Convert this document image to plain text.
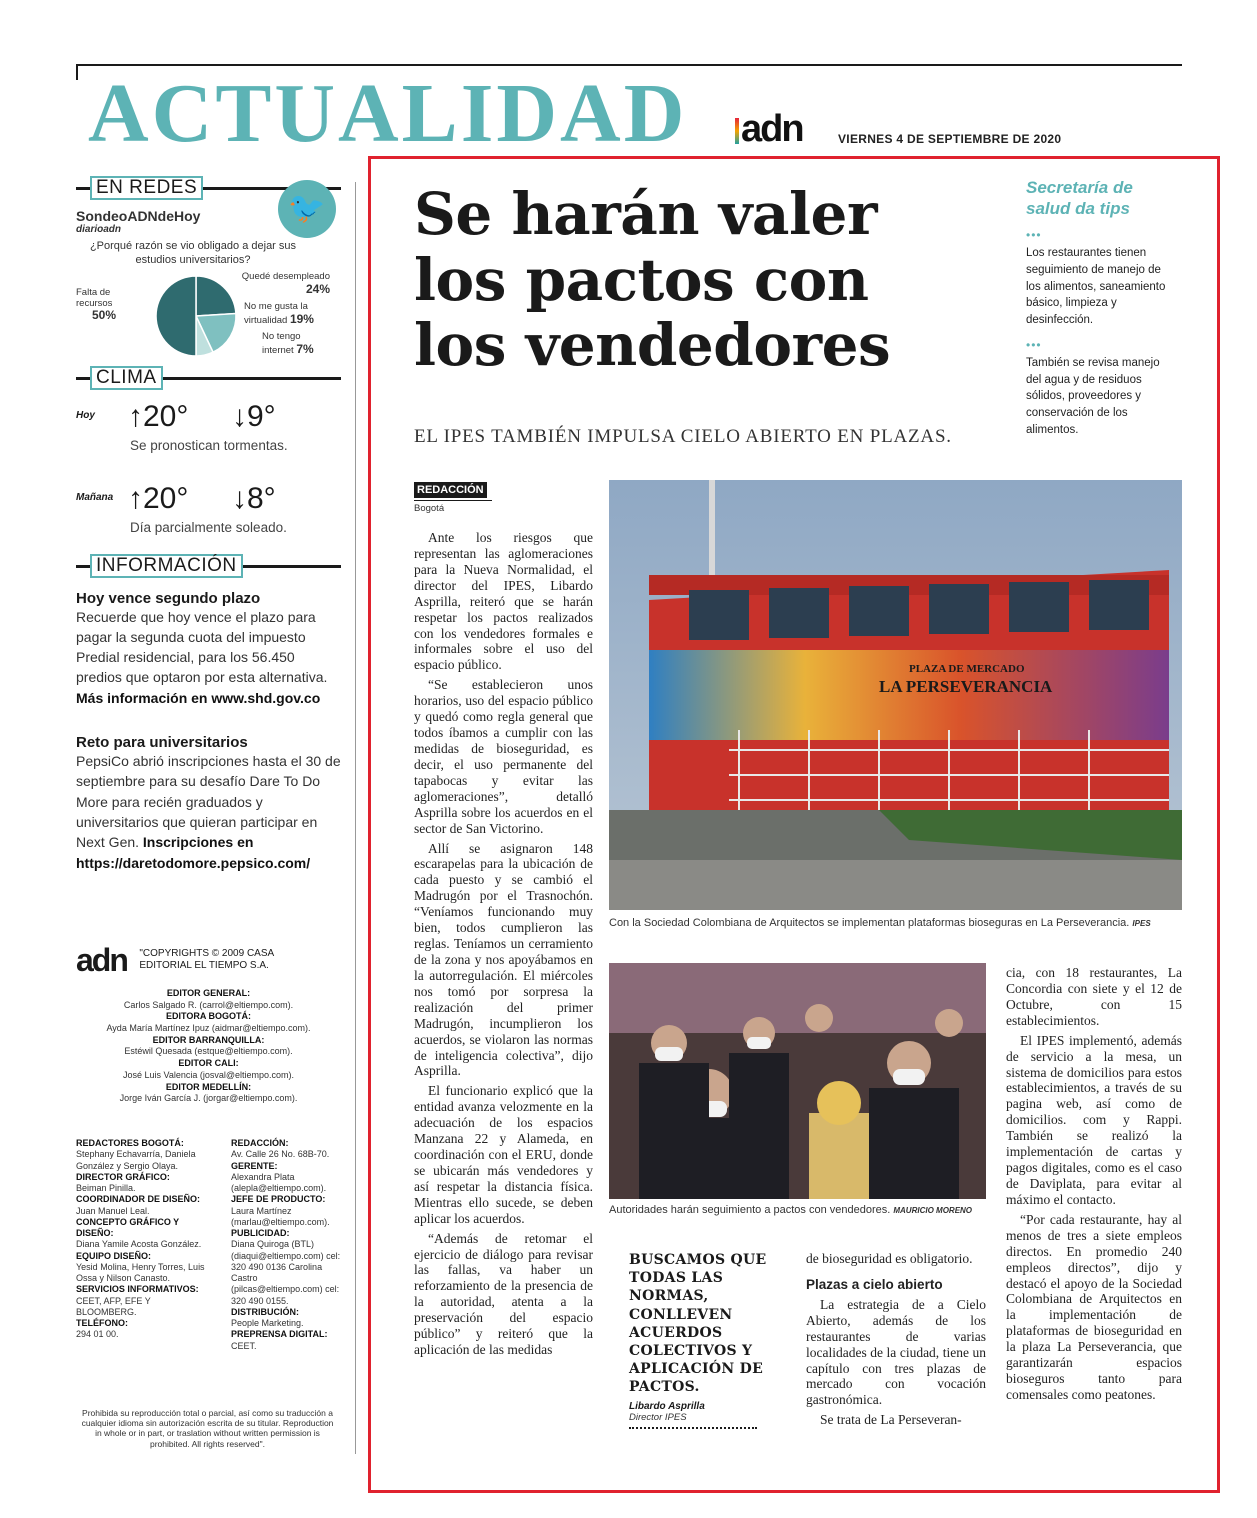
ACTUALIDAD adn	VIERNES 4 DE SEPTIEMBRE DE 2020
EN REDES
🐦
SondeoADNdeHoy
diarioadn
¿Porqué razón se vio obligado a dejar sus estudios universitarios?
Quedé desempleado
24%
No me gusta la virtualidad 19%
No tengo internet 7%
Falta de recursos
50%
CLIMA
Hoy ↑20° ↓9°
Se pronostican tormentas.
Mañana ↑20° ↓8°
Día parcialmente soleado.
INFORMACIÓN
Hoy vence segundo plazo
Recuerde que hoy vence el plazo para pagar la segunda cuota del impuesto Predial residencial, para los 56.450 predios que optaron por esta alternativa. Más información en www.shd.gov.co
Reto para universitarios
PepsiCo abrió inscripciones hasta el 30 de septiembre para su desafío Dare To Do More para recién graduados y universitarios que quieran participar en Next Gen. Inscripciones en https://daretodomore.pepsico.com/
adn "COPYRIGHTS © 2009 CASA EDITORIAL EL TIEMPO S.A.
EDITOR GENERAL:
Carlos Salgado R. (carrol@eltiempo.com).
EDITORA BOGOTÁ:
Ayda María Martínez Ipuz (aidmar@eltiempo.com).
EDITOR BARRANQUILLA:
Estéwil Quesada (estque@eltiempo.com).
EDITOR CALI:
José Luis Valencia (josval@eltiempo.com).
EDITOR MEDELLÍN:
Jorge Iván García J. (jorgar@eltiempo.com).
REDACTORES BOGOTÁ:
Stephany Echavarría, Daniela González y Sergio Olaya.
DIRECTOR GRÁFICO:
Beiman Pinilla.
COORDINADOR DE DISEÑO:
Juan Manuel Leal.
CONCEPTO GRÁFICO Y DISEÑO:
Diana Yamile Acosta González.
EQUIPO DISEÑO:
Yesid Molina, Henry Torres, Luis Ossa y Nilson Canasto.
SERVICIOS INFORMATIVOS:
CEET, AFP, EFE Y BLOOMBERG.
TELÉFONO:
294 01 00.
REDACCIÓN:
Av. Calle 26 No. 68B-70.
GERENTE:
Alexandra Plata (alepla@eltiempo.com).
JEFE DE PRODUCTO:
Laura Martínez (marlau@eltiempo.com).
PUBLICIDAD:
Diana Quiroga (BTL) (diaqui@eltiempo.com) cel: 320 490 0136 Carolina Castro (pilcas@eltiempo.com) cel: 320 490 0155.
DISTRIBUCIÓN:
People Marketing.
PREPRENSA DIGITAL:
CEET.
Prohibida su reproducción total o parcial, así como su traducción a cualquier idioma sin autorización escrita de su titular. Reproduction in whole or in part, or traslation without written permission is prohibited. All rights reserved".
Se harán valer los pactos con los vendedores
EL IPES TAMBIÉN IMPULSA CIELO ABIERTO EN PLAZAS.
Secretaría de salud da tips
•••
Los restaurantes tienen seguimiento de manejo de los alimentos, saneamiento básico, limpieza y desinfección.
•••
También se revisa manejo del agua y de residuos sólidos, proveedores y conservación de los alimentos.
REDACCIÓN
Bogotá

Ante los riesgos que representan las aglomeraciones para la Nueva Normalidad, el director del IPES, Libardo Asprilla, reiteró que se harán respetar los pactos realizados con los vendedores formales e informales sobre el uso del espacio público.

“Se establecieron unos horarios, uso del espacio público y quedó como regla general que todos íbamos a cumplir con las medidas de bioseguridad, es decir, el uso permanente del tapabocas y evitar las aglomeraciones”, detalló Asprilla sobre los acuerdos en el sector de San Victorino.

Allí se asignaron 148 escarapelas para la ubicación de cada puesto y se cambió el Madrugón por el Trasnochón. “Veníamos funcionando muy bien, todos cumplieron las reglas. Teníamos un cerramiento de la zona y nos apoyábamos en la autorregulación. El miércoles nos tomó por sorpresa la realización del primer Madrugón, incumplieron los acuerdos, se violaron las normas de inteligencia colectiva”, dijo Asprilla.

El funcionario explicó que la entidad avanza velozmente en la adecuación de los espacios Manzana 22 y Alameda, en coordinación con el ERU, donde se ubicarán más vendedores y así respetar la distancia física. Mientras ello sucede, se deben aplicar los acuerdos.

“Además de retomar el ejercicio de diálogo para revisar las fallas, va haber un reforzamiento de la presencia de la autoridad, atenta a la preservación del espacio público” y reiteró que la aplicación de las medidas

PLAZA DE MERCADO
LA PERSEVERANCIA
Con la Sociedad Colombiana de Arquitectos se implementan plataformas bioseguras en La Perseverancia. IPES
Autoridades harán seguimiento a pactos con vendedores. MAURICIO MORENO
BUSCAMOS QUE TODAS LAS NORMAS, CONLLEVEN ACUERDOS COLECTIVOS Y APLICACIÓN DE PACTOS.
Libardo Asprilla
Director IPES

de bioseguridad es obligatorio.

Plazas a cielo abierto

La estrategia de a Cielo Abierto, además de los restaurantes de varias localidades de la ciudad, tiene un capítulo con tres plazas de mercado con vocación gastronómica.

Se trata de La Perseveran-

cia, con 18 restaurantes, La Concordia con siete y el 12 de Octubre, con 15 establecimientos.

El IPES implementó, además de servicio a la mesa, un sistema de domicilios para estos establecimientos, a través de su pagina web, así como de domicilios. com y Rappi. También se realizó la implementación de cartas y pagos digitales, como es el caso de Daviplata, para evitar al máximo el contacto.

“Por cada restaurante, hay al menos de tres a siete empleos directos. En promedio 240 empleos directos”, dijo y destacó el apoyo de la Sociedad Colombiana de Arquitectos en la implementación de plataformas de bioseguridad en la plaza La Perseverancia, que garantizarán espacios bioseguros tanto para comensales como peatones.
